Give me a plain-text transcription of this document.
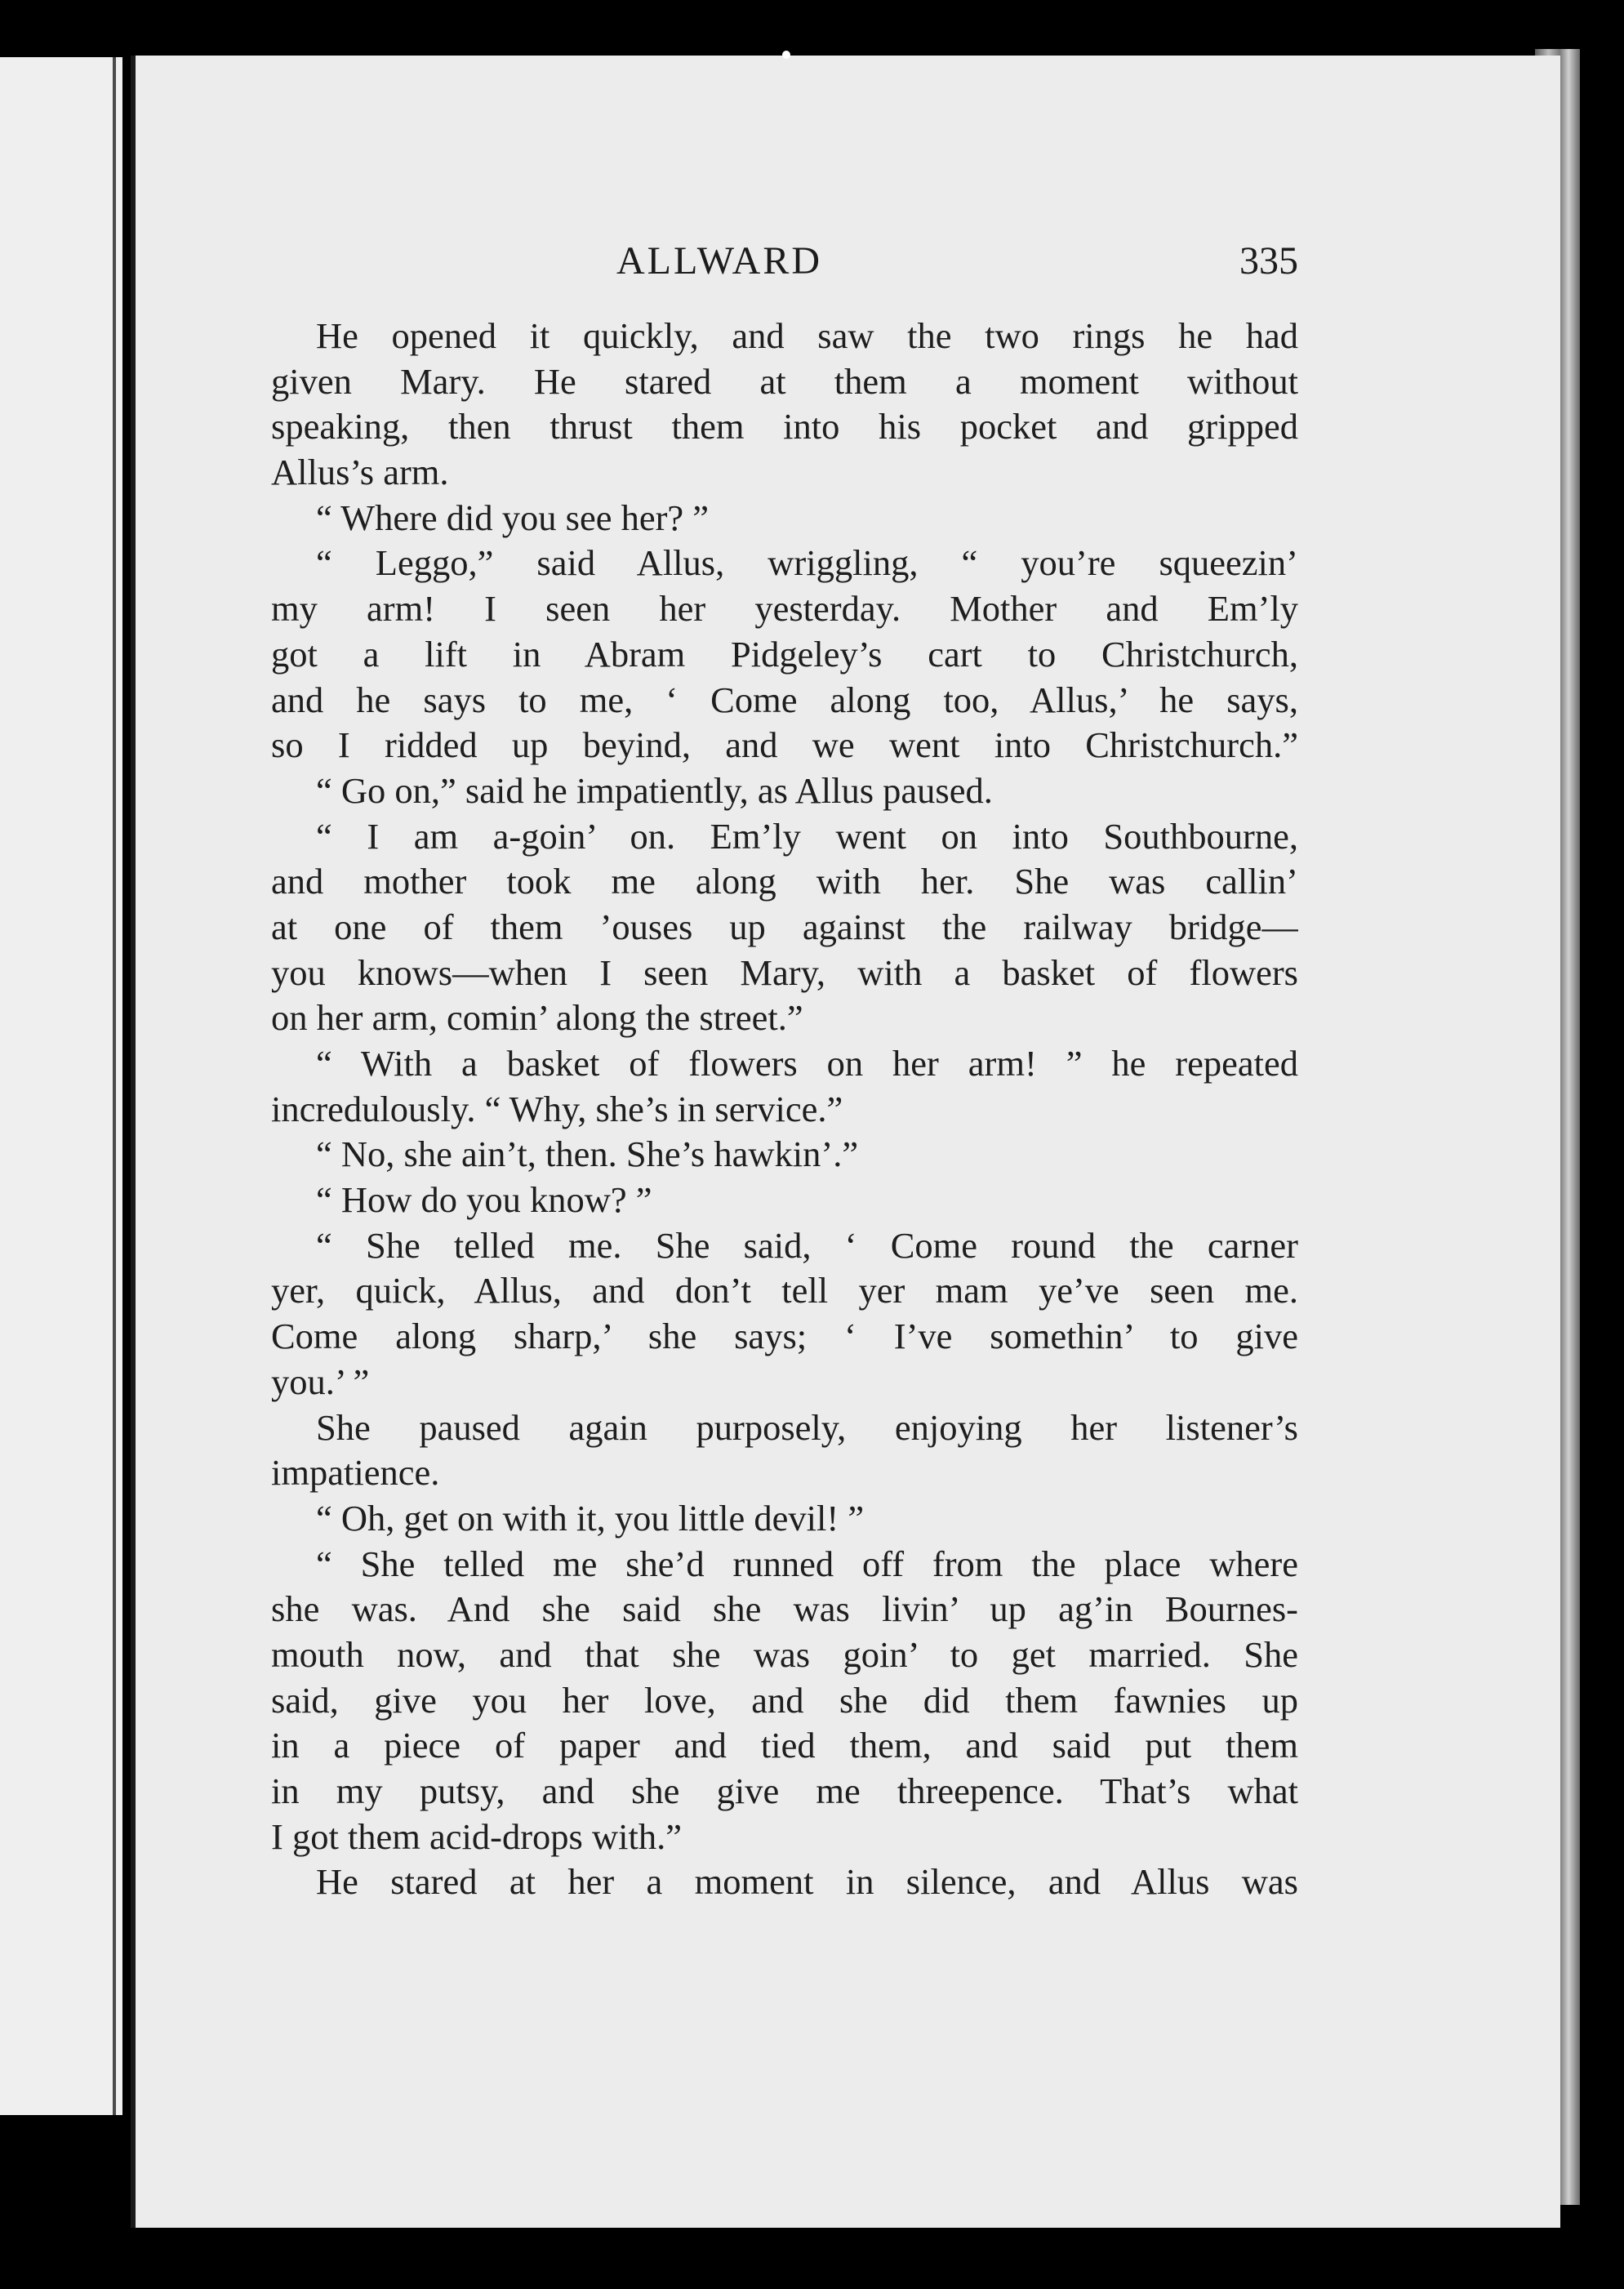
ALLWARD	335
He opened it quickly, and saw the two rings he had
given Mary. He stared at them a moment without
speaking, then thrust them into his pocket and gripped
Allus’s arm.
“ Where did you see her? ”
“ Leggo,” said Allus, wriggling, “ you’re squeezin’
my arm! I seen her yesterday. Mother and Em’ly
got a lift in Abram Pidgeley’s cart to Christchurch,
and he says to me, ‘ Come along too, Allus,’ he says,
so I ridded up beyind, and we went into Christchurch.”
“ Go on,” said he impatiently, as Allus paused.
“ I am a-goin’ on. Em’ly went on into Southbourne,
and mother took me along with her. She was callin’
at one of them ’ouses up against the railway bridge—
you knows—when I seen Mary, with a basket of flowers
on her arm, comin’ along the street.”
“ With a basket of flowers on her arm! ” he repeated
incredulously. “ Why, she’s in service.”
“ No, she ain’t, then. She’s hawkin’.”
“ How do you know? ”
“ She telled me. She said, ‘ Come round the carner
yer, quick, Allus, and don’t tell yer mam ye’ve seen me.
Come along sharp,’ she says; ‘ I’ve somethin’ to give
you.’ ”
She paused again purposely, enjoying her listener’s
impatience.
“ Oh, get on with it, you little devil! ”
“ She telled me she’d runned off from the place where
she was. And she said she was livin’ up ag’in Bournes-
mouth now, and that she was goin’ to get married. She
said, give you her love, and she did them fawnies up
in a piece of paper and tied them, and said put them
in my putsy, and she give me threepence. That’s what
I got them acid-drops with.”
He stared at her a moment in silence, and Allus was
